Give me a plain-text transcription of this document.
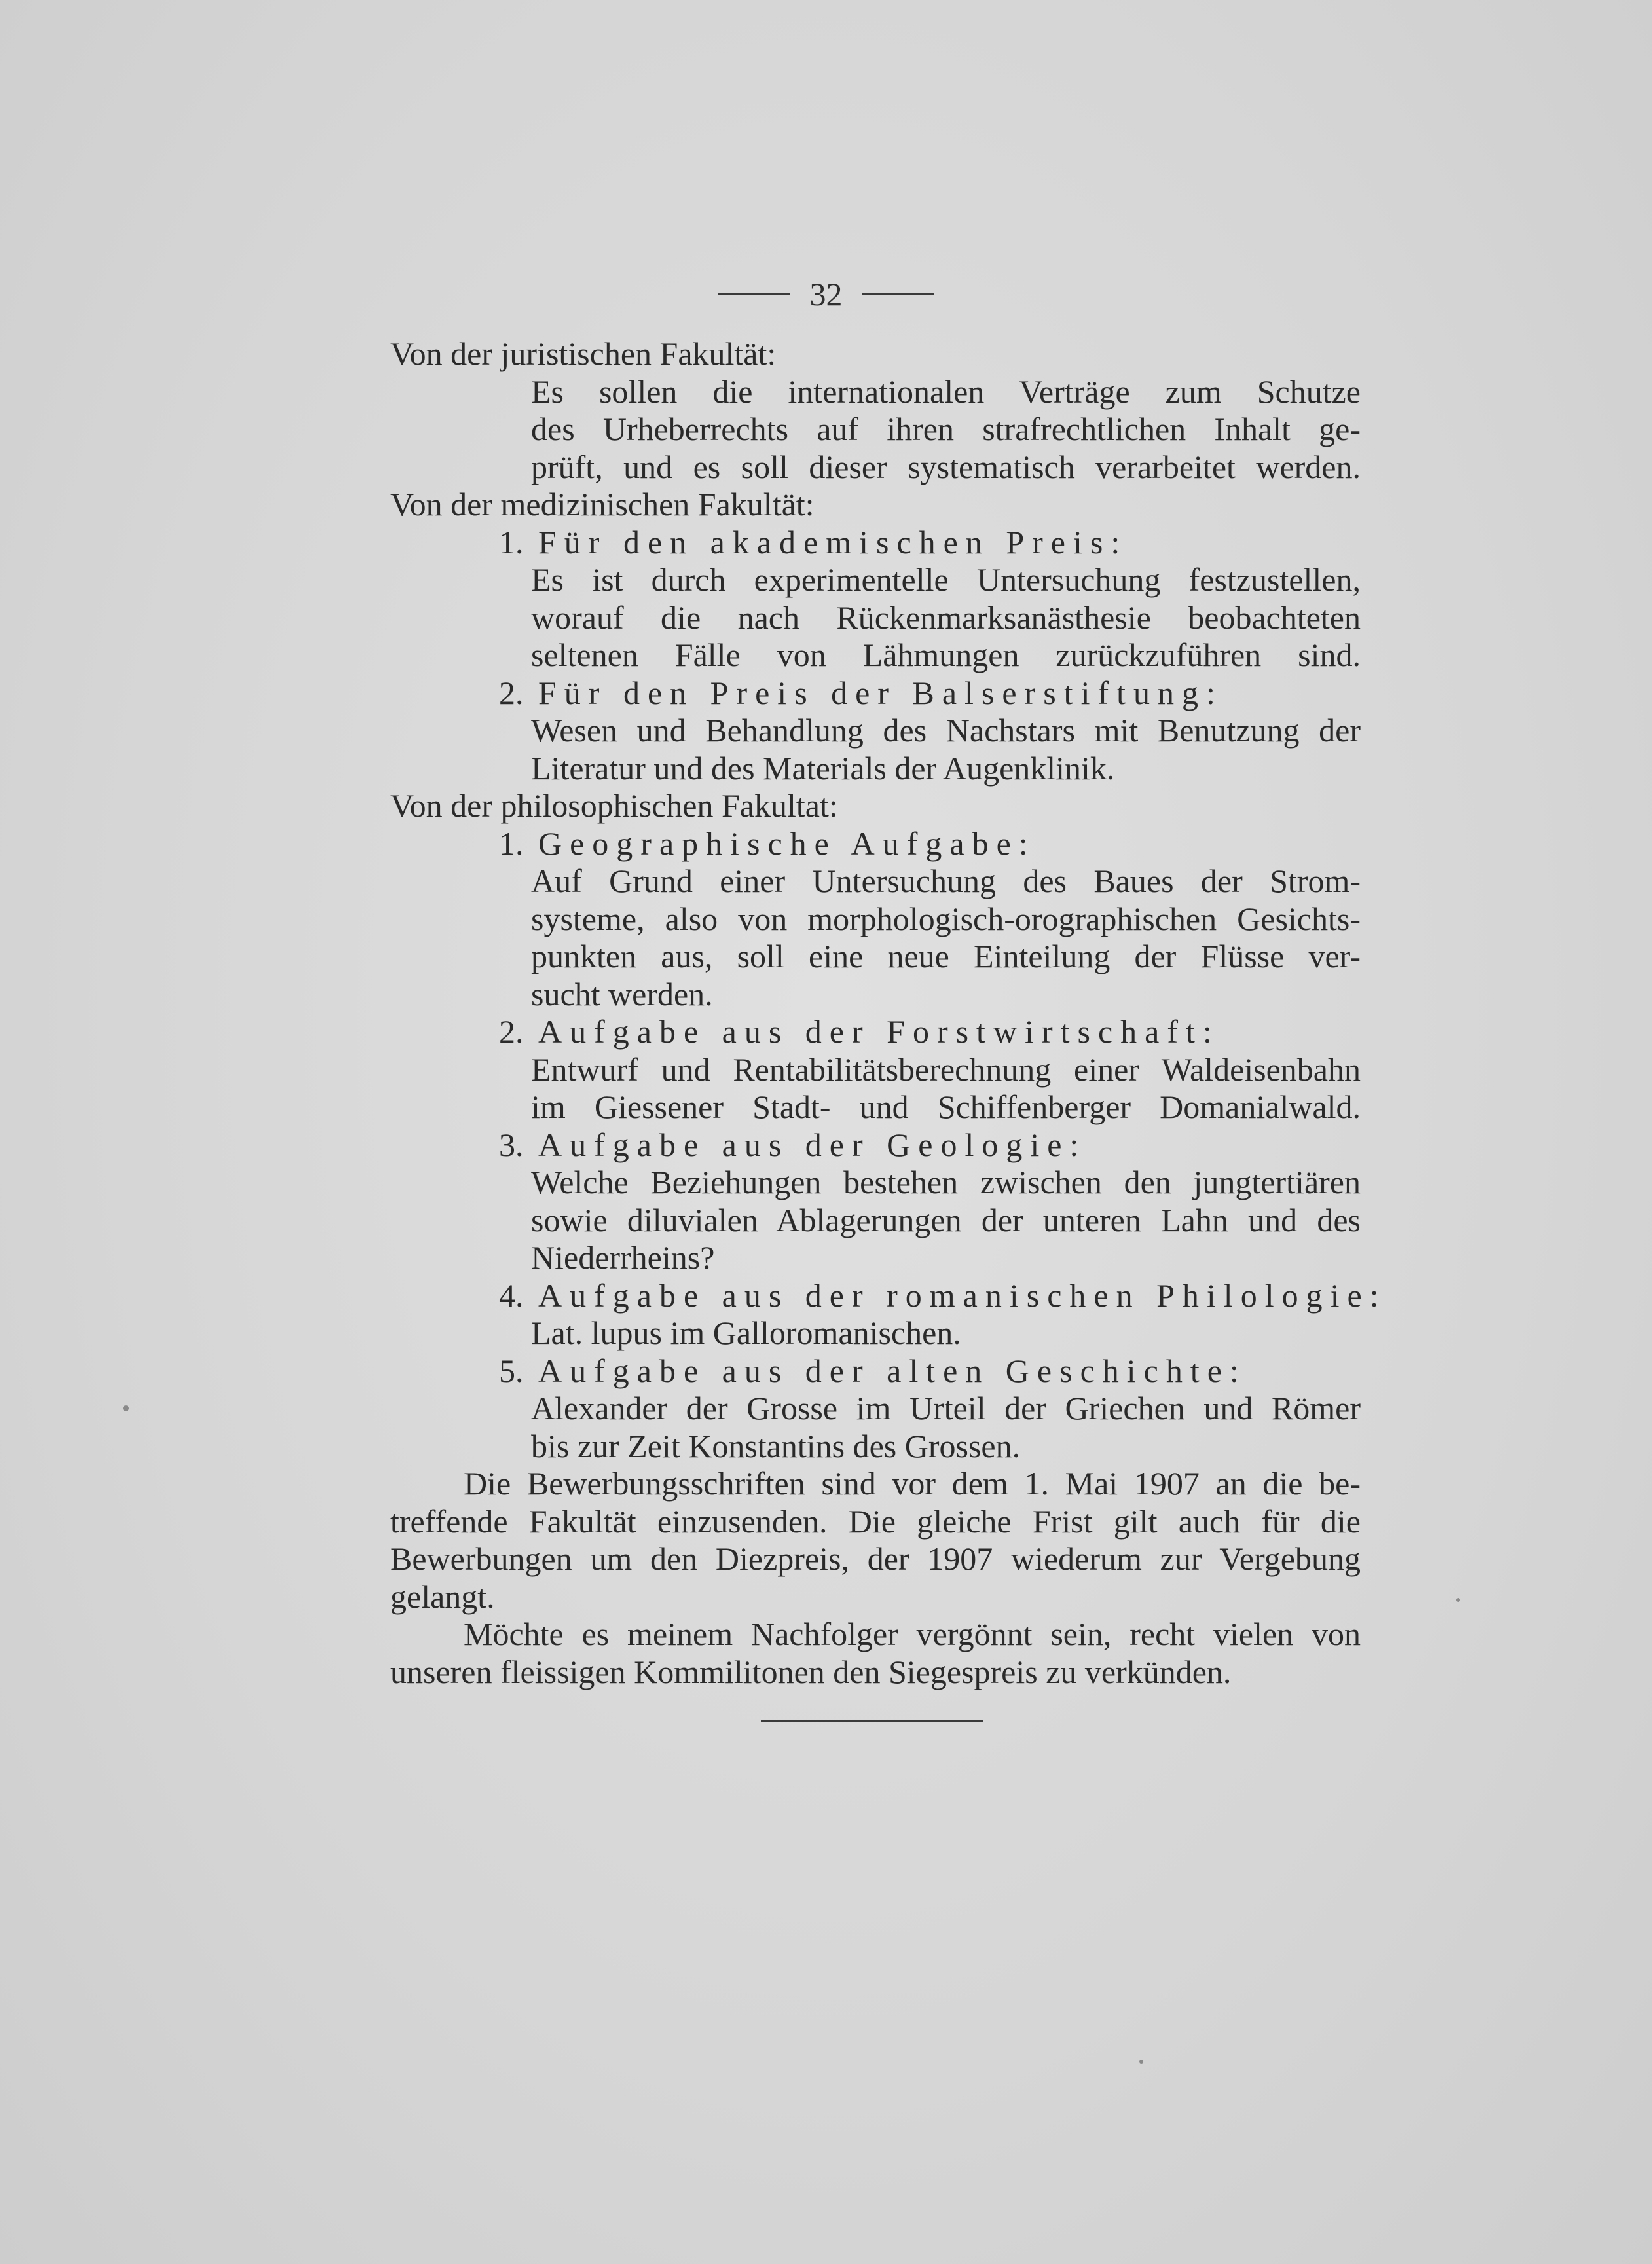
32
Von der juristischen Fakultät:
Es sollen die internationalen Verträge zum Schutze
des Urheberrechts auf ihren strafrechtlichen Inhalt ge-
prüft, und es soll dieser systematisch verarbeitet werden.
Von der medizinischen Fakultät:
1. Für den akademischen Preis:
Es ist durch experimentelle Untersuchung festzustellen,
worauf die nach Rückenmarksanästhesie beobachteten
seltenen Fälle von Lähmungen zurückzuführen sind.
2. Für den Preis der Balserstiftung:
Wesen und Behandlung des Nachstars mit Benutzung der
Literatur und des Materials der Augenklinik.
Von der philosophischen Fakultat:
1. Geographische Aufgabe:
Auf Grund einer Untersuchung des Baues der Strom-
systeme, also von morphologisch-orographischen Gesichts-
punkten aus, soll eine neue Einteilung der Flüsse ver-
sucht werden.
2. Aufgabe aus der Forstwirtschaft:
Entwurf und Rentabilitätsberechnung einer Waldeisenbahn
im Giessener Stadt- und Schiffenberger Domanialwald.
3. Aufgabe aus der Geologie:
Welche Beziehungen bestehen zwischen den jungtertiären
sowie diluvialen Ablagerungen der unteren Lahn und des
Niederrheins?
4. Aufgabe aus der romanischen Philologie:
Lat. lupus im Galloromanischen.
5. Aufgabe aus der alten Geschichte:
Alexander der Grosse im Urteil der Griechen und Römer
bis zur Zeit Konstantins des Grossen.
Die Bewerbungsschriften sind vor dem 1. Mai 1907 an die be-
treffende Fakultät einzusenden. Die gleiche Frist gilt auch für die
Bewerbungen um den Diezpreis, der 1907 wiederum zur Vergebung
gelangt.
Möchte es meinem Nachfolger vergönnt sein, recht vielen von
unseren fleissigen Kommilitonen den Siegespreis zu verkünden.
